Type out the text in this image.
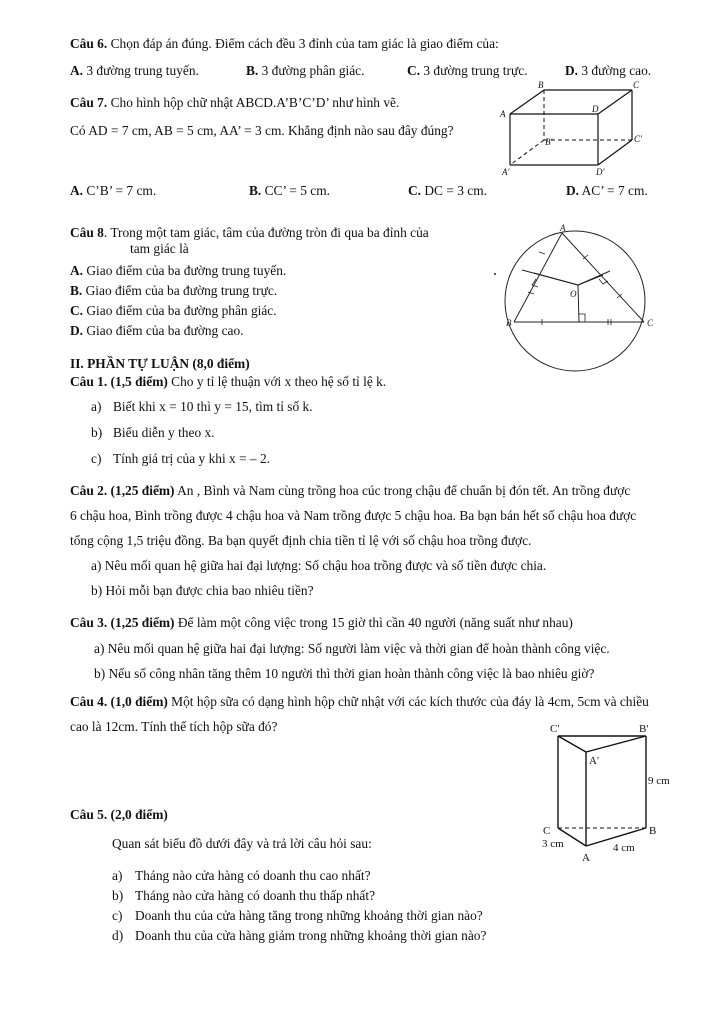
Câu 6. Chọn đáp án đúng. Điểm cách đều 3 đỉnh của tam giác là giao điểm của:
A. 3 đường trung tuyến.	B. 3 đường phân giác.	C. 3 đường trung trực.	D. 3 đường cao.
Câu 7. Cho hình hộp chữ nhật ABCD.A’B’C’D’ như hình vẽ.
Có AD = 7 cm, AB = 5 cm, AA’ = 3 cm. Khẳng định nào sau đây đúng?
B	C
A	D
B'	C'
A'	D'
A. C’B’ = 7 cm.	B. CC’ = 5 cm.	C. DC = 3 cm.	D. AC’ = 7 cm.
Câu 8. Trong một tam giác, tâm của đường tròn đi qua ba đỉnh của
tam giác là
A. Giao điểm của ba đường trung tuyến.
B. Giao điểm của ba đường trung trực.
C. Giao điểm của ba đường phân giác.
D. Giao điểm của ba đường cao.
A
B	C
O
II. PHẦN TỰ LUẬN (8,0 điểm)
Câu 1. (1,5 điểm) Cho y tỉ lệ thuận với x theo hệ số tỉ lệ k.
a) Biết khi x = 10 thì y = 15, tìm tỉ số k.
b) Biểu diễn y theo x.
c) Tính giá trị của y khi x = – 2.
Câu 2. (1,25 điểm) An , Bình và Nam cùng trồng hoa cúc trong chậu để chuẩn bị đón tết. An trồng được
6 chậu hoa, Bình trồng được 4 chậu hoa và Nam trồng được 5 chậu hoa. Ba bạn bán hết số chậu hoa được
tổng cộng 1,5 triệu đồng. Ba bạn quyết định chia tiền tỉ lệ với số chậu hoa trồng được.
a) Nêu mối quan hệ giữa hai đại lượng: Số chậu hoa trồng được và số tiền được chia.
b) Hỏi mỗi bạn được chia bao nhiêu tiền?
Câu 3. (1,25 điểm) Để làm một công việc trong 15 giờ thì cần 40 người (năng suất như nhau)
a) Nêu mối quan hệ giữa hai đại lượng: Số người làm việc và thời gian để hoàn thành công việc.
b) Nếu số công nhân tăng thêm 10 người thì thời gian hoàn thành công việc là bao nhiêu giờ?
Câu 4. (1,0 điểm) Một hộp sữa có dạng hình hộp chữ nhật với các kích thước của đáy là 4cm, 5cm và chiều
cao là 12cm. Tính thể tích hộp sữa đó?	C'	B'
A'
9 cm
C	B
3 cm	4 cm
A
Câu 5. (2,0 điểm)
Quan sát biểu đồ dưới đây và trả lời câu hỏi sau:
a) Tháng nào cửa hàng có doanh thu cao nhất?
b) Tháng nào cửa hàng có doanh thu thấp nhất?
c) Doanh thu của cửa hàng tăng trong những khoảng thời gian nào?
d) Doanh thu của cửa hàng giảm trong những khoảng thời gian nào?
